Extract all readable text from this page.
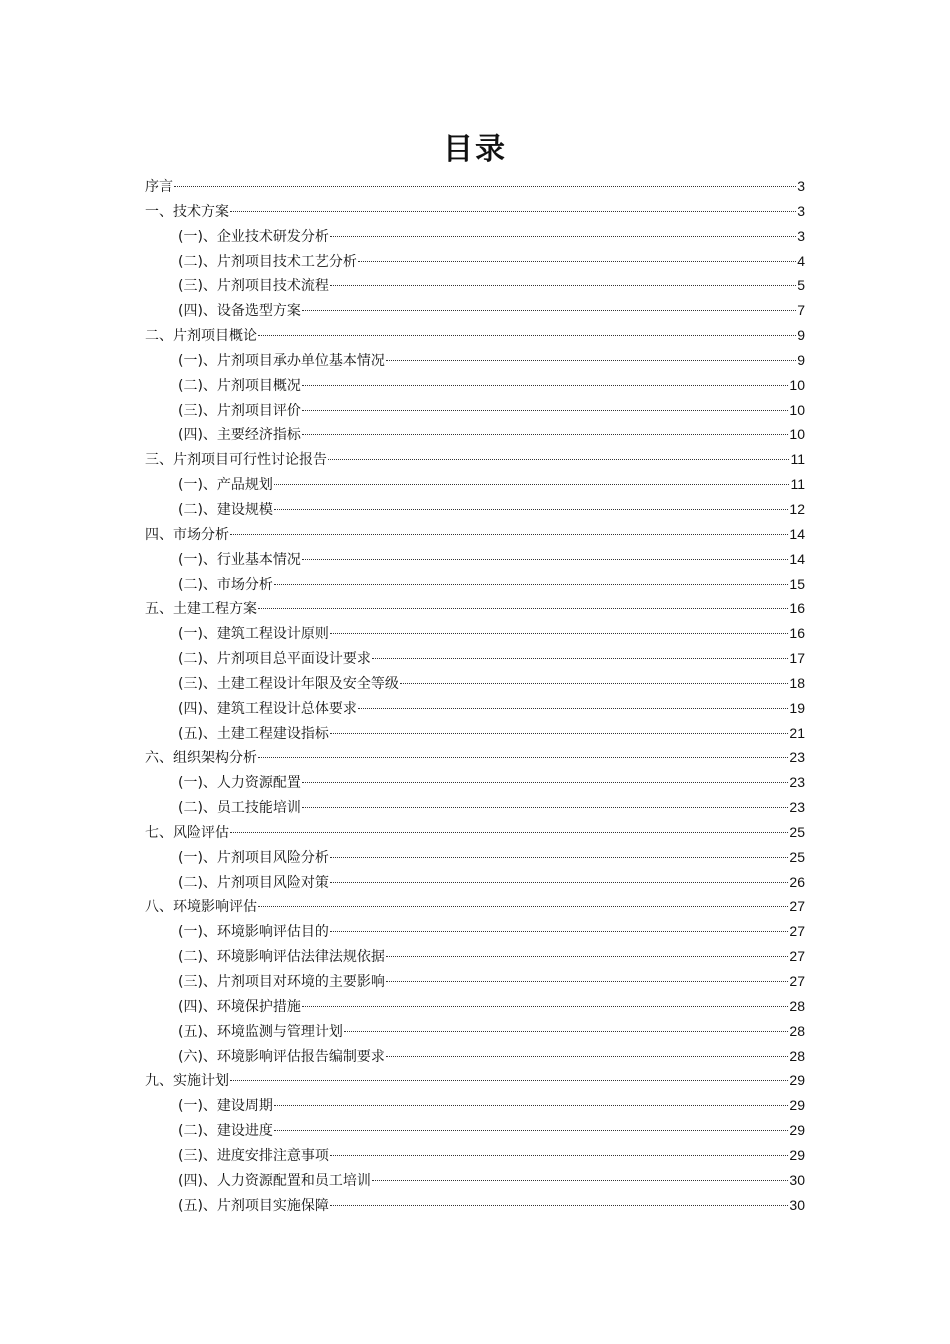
目录
序言	3
一、技术方案	3
(一)、企业技术研发分析	3
(二)、片剂项目技术工艺分析	4
(三)、片剂项目技术流程	5
(四)、设备选型方案	7
二、片剂项目概论	9
(一)、片剂项目承办单位基本情况	9
(二)、片剂项目概况	10
(三)、片剂项目评价	10
(四)、主要经济指标	10
三、片剂项目可行性讨论报告	11
(一)、产品规划	11
(二)、建设规模	12
四、市场分析	14
(一)、行业基本情况	14
(二)、市场分析	15
五、土建工程方案	16
(一)、建筑工程设计原则	16
(二)、片剂项目总平面设计要求	17
(三)、土建工程设计年限及安全等级	18
(四)、建筑工程设计总体要求	19
(五)、土建工程建设指标	21
六、组织架构分析	23
(一)、人力资源配置	23
(二)、员工技能培训	23
七、风险评估	25
(一)、片剂项目风险分析	25
(二)、片剂项目风险对策	26
八、环境影响评估	27
(一)、环境影响评估目的	27
(二)、环境影响评估法律法规依据	27
(三)、片剂项目对环境的主要影响	27
(四)、环境保护措施	28
(五)、环境监测与管理计划	28
(六)、环境影响评估报告编制要求	28
九、实施计划	29
(一)、建设周期	29
(二)、建设进度	29
(三)、进度安排注意事项	29
(四)、人力资源配置和员工培训	30
(五)、片剂项目实施保障	30
